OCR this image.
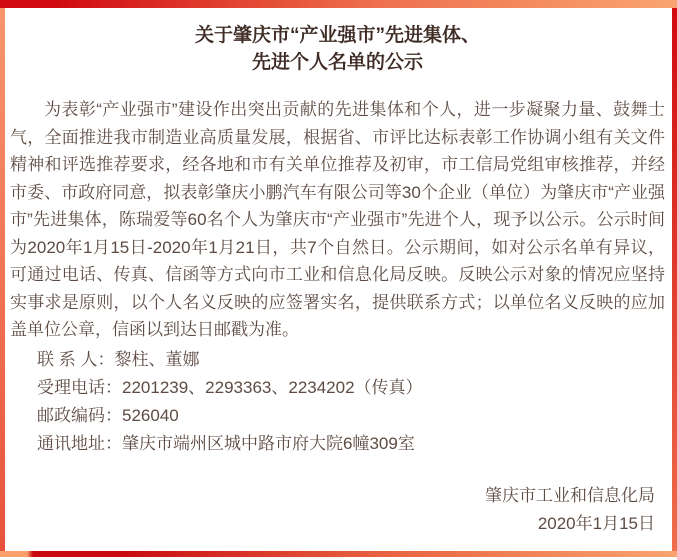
关于肇庆市“产业强市”先进集体、
先进个人名单的公示
为表彰“产业强市”建设作出突出贡献的先进集体和个人，进一步凝聚力量、鼓舞士气，全面推进我市制造业高质量发展，根据省、市评比达标表彰工作协调小组有关文件精神和评选推荐要求，经各地和市有关单位推荐及初审，市工信局党组审核推荐，并经市委、市政府同意，拟表彰肇庆小鹏汽车有限公司等30个企业（单位）为肇庆市“产业强市”先进集体，陈瑞爱等60名个人为肇庆市“产业强市”先进个人，现予以公示。公示时间为2020年1月15日-2020年1月21日，共7个自然日。公示期间，如对公示名单有异议，可通过电话、传真、信函等方式向市工业和信息化局反映。反映公示对象的情况应坚持实事求是原则，以个人名义反映的应签署实名，提供联系方式；以单位名义反映的应加盖单位公章，信函以到达日邮戳为准。
联 系 人：黎柱、董娜
受理电话：2201239、2293363、2234202（传真）
邮政编码：526040
通讯地址：肇庆市端州区城中路市府大院6幢309室
肇庆市工业和信息化局
2020年1月15日
